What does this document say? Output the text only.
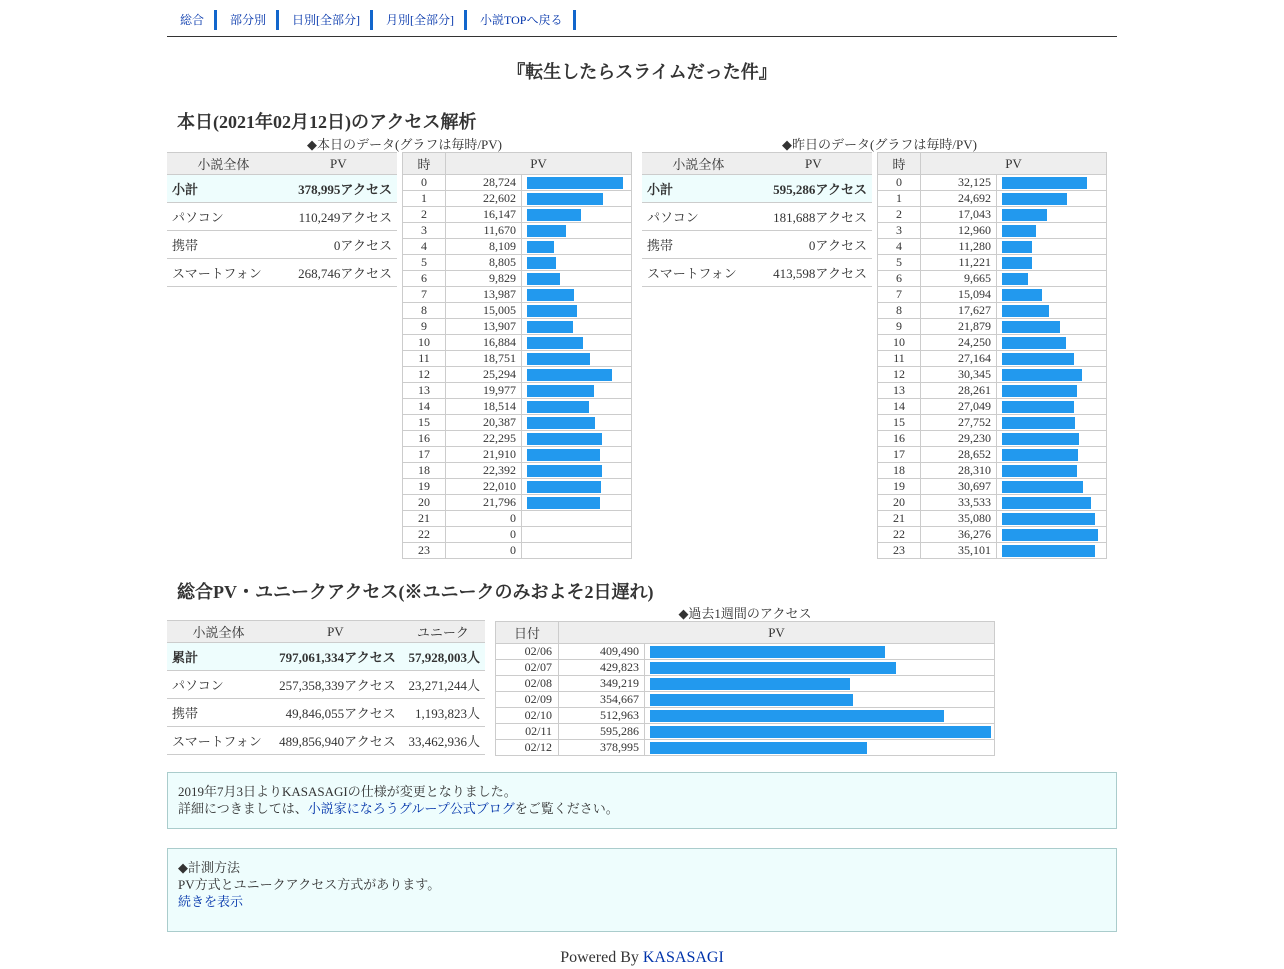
総合	部分別	日別[全部分]	月別[全部分]	小説TOPへ戻る
『転生したらスライムだった件』
本日(2021年02月12日)のアクセス解析
◆本日のデータ(グラフは毎時/PV)	◆昨日のデータ(グラフは毎時/PV)
小説全体	PV
小計	378,995アクセス
パソコン	110,249アクセス
携帯	0アクセス
スマートフォン	268,746アクセス
時	PV	
0	28,724	

1	22,602	

2	16,147	

3	11,670	

4	8,109	

5	8,805	

6	9,829	

7	13,987	

8	15,005	

9	13,907	

10	16,884	

11	18,751	

12	25,294	

13	19,977	

14	18,514	

15	20,387	

16	22,295	

17	21,910	

18	22,392	

19	22,010	

20	21,796	

21	0	
22	0	
23	0	
小説全体	PV
小計	595,286アクセス
パソコン	181,688アクセス
携帯	0アクセス
スマートフォン	413,598アクセス
時	PV	
0	32,125	

1	24,692	

2	17,043	

3	12,960	

4	11,280	

5	11,221	

6	9,665	

7	15,094	

8	17,627	

9	21,879	

10	24,250	

11	27,164	

12	30,345	

13	28,261	

14	27,049	

15	27,752	

16	29,230	

17	28,652	

18	28,310	

19	30,697	

20	33,533	

21	35,080	

22	36,276	

23	35,101	
総合PV・ユニークアクセス(※ユニークのみおよそ2日遅れ)
小説全体	PV	ユニーク
累計	797,061,334アクセス	57,928,003人
パソコン	257,358,339アクセス	23,271,244人
携帯	49,846,055アクセス	1,193,823人
スマートフォン	489,856,940アクセス	33,462,936人
◆過去1週間のアクセス
日付	PV	
02/06	409,490	

02/07	429,823	

02/08	349,219	

02/09	354,667	

02/10	512,963	

02/11	595,286	

02/12	378,995	

2019年7月3日よりKASASAGIの仕様が変更となりました。

詳細につきましては、小説家になろうグループ公式ブログをご覧ください。

◆計測方法

PV方式とユニークアクセス方式があります。

続きを表示

Powered By KASASAGI
